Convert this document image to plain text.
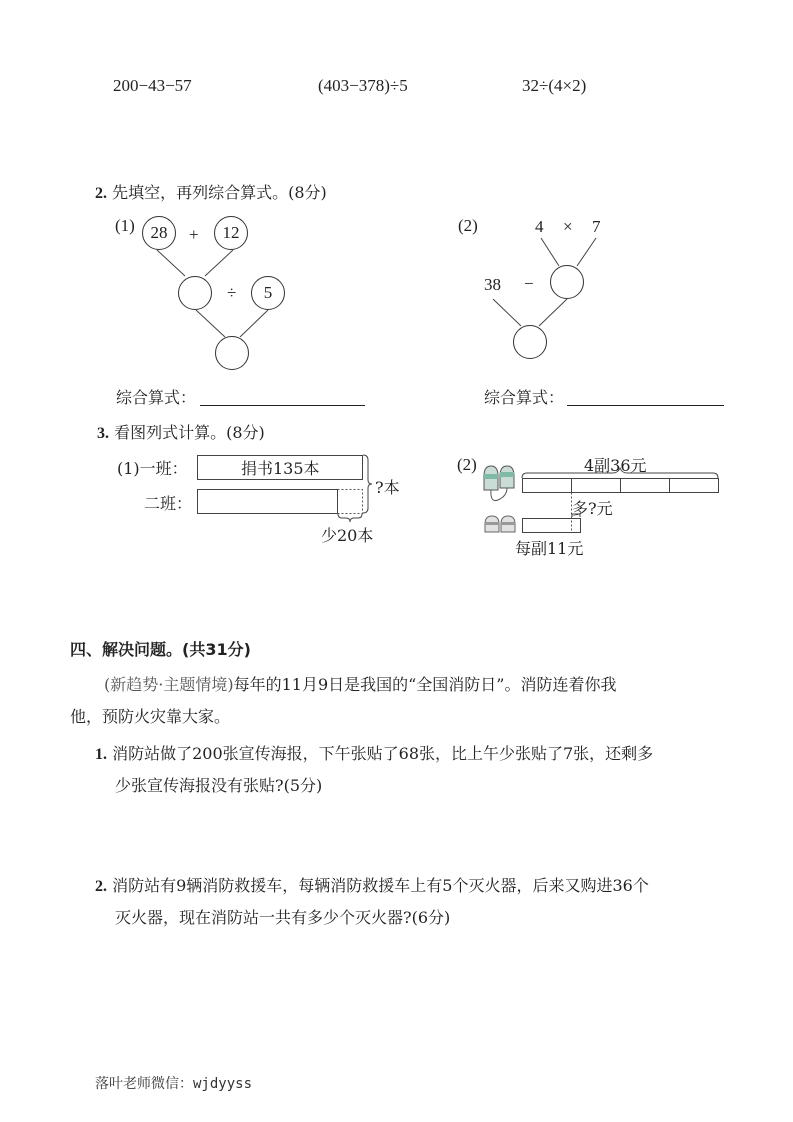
200−43−57	(403−378)÷5	32÷(4×2)
2. 先填空，再列综合算式。(8分)
(1) 28	+	12
÷	5
综合算式：
(2)	4 × 7
38 −
综合算式：
3. 看图列式计算。(8分)
(1)一班：
二班：
捐书135本
?本
少20本
(2)	4副36元
多?元
每副11元
四、解决问题。(共31分)
(新趋势·主题情境)每年的11月9日是我国的“全国消防日”。消防连着你我
他，预防火灾靠大家。
1. 消防站做了200张宣传海报，下午张贴了68张，比上午少张贴了7张，还剩多
少张宣传海报没有张贴?(5分)
2. 消防站有9辆消防救援车，每辆消防救援车上有5个灭火器，后来又购进36个
灭火器，现在消防站一共有多少个灭火器?(6分)
落叶老师微信：wjdyyss
